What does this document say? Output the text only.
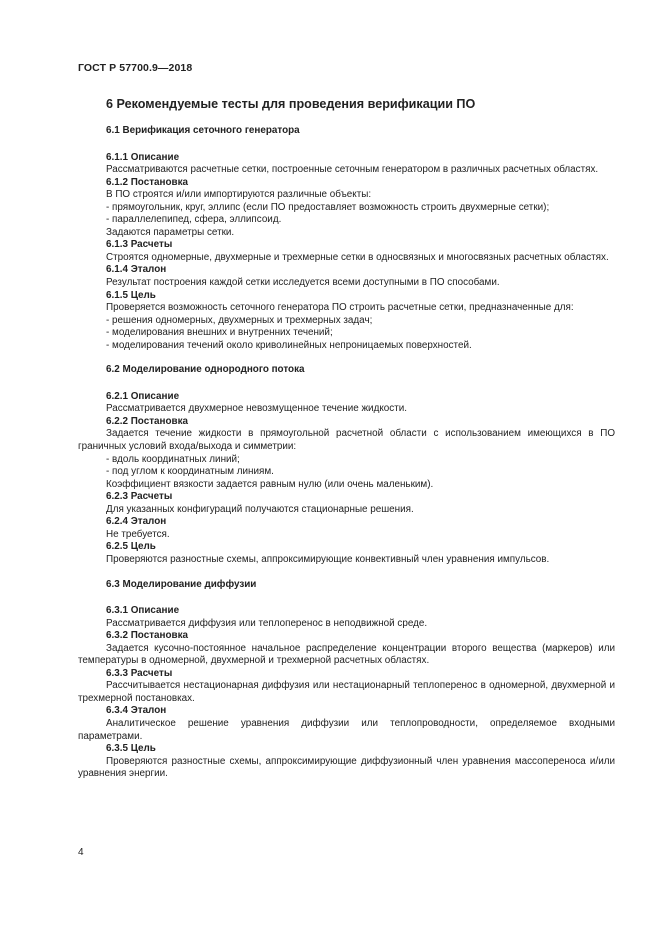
ГОСТ Р 57700.9—2018
6 Рекомендуемые тесты для проведения верификации ПО
6.1 Верификация сеточного генератора
6.1.1 Описание

Рассматриваются расчетные сетки, построенные сеточным генератором в различных расчетных областях.

6.1.2 Постановка

В ПО строятся и/или импортируются различные объекты:

- прямоугольник, круг, эллипс (если ПО предоставляет возможность строить двухмерные сетки);

- параллелепипед, сфера, эллипсоид.

Задаются параметры сетки.

6.1.3 Расчеты

Строятся одномерные, двухмерные и трехмерные сетки в односвязных и многосвязных расчетных областях.

6.1.4 Эталон

Результат построения каждой сетки исследуется всеми доступными в ПО способами.

6.1.5 Цель

Проверяется возможность сеточного генератора ПО строить расчетные сетки, предназначенные для:

- решения одномерных, двухмерных и трехмерных задач;

- моделирования внешних и внутренних течений;

- моделирования течений около криволинейных непроницаемых поверхностей.

6.2 Моделирование однородного потока
6.2.1 Описание

Рассматривается двухмерное невозмущенное течение жидкости.

6.2.2 Постановка

Задается течение жидкости в прямоугольной расчетной области с использованием имеющихся в ПО граничных условий входа/выхода и симметрии:

- вдоль координатных линий;

- под углом к координатным линиям.

Коэффициент вязкости задается равным нулю (или очень маленьким).

6.2.3 Расчеты

Для указанных конфигураций получаются стационарные решения.

6.2.4 Эталон

Не требуется.

6.2.5 Цель

Проверяются разностные схемы, аппроксимирующие конвективный член уравнения импульсов.

6.3 Моделирование диффузии
6.3.1 Описание

Рассматривается диффузия или теплоперенос в неподвижной среде.

6.3.2 Постановка

Задается кусочно-постоянное начальное распределение концентрации второго вещества (маркеров) или температуры в одномерной, двухмерной и трехмерной расчетных областях.

6.3.3 Расчеты

Рассчитывается нестационарная диффузия или нестационарный теплоперенос в одномерной, двухмерной и трехмерной постановках.

6.3.4 Эталон

Аналитическое решение уравнения диффузии или теплопроводности, определяемое входными параметрами.

6.3.5 Цель

Проверяются разностные схемы, аппроксимирующие диффузионный член уравнения массопереноса и/или уравнения энергии.

4
